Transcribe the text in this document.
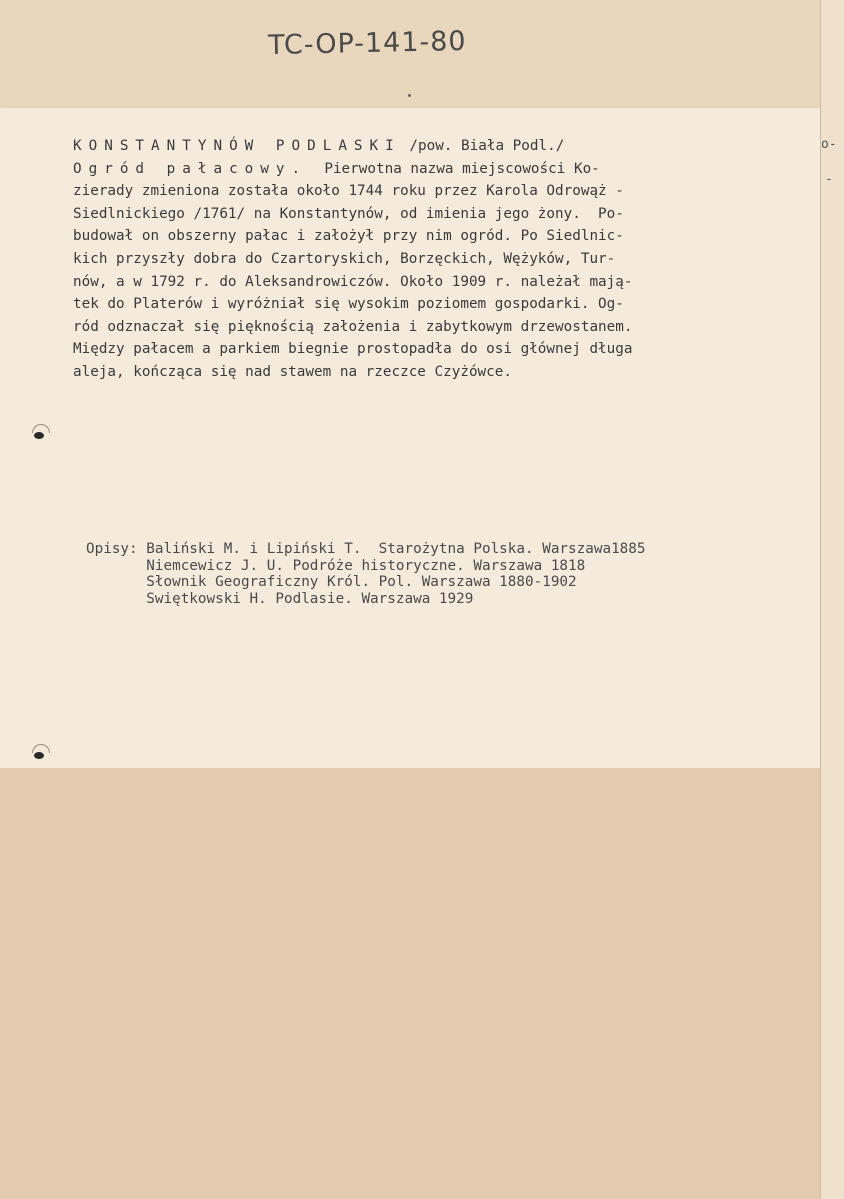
TC-OP-141-80
o-
-
KONSTANTYNÓW PODLASKI /pow. Biała Podl./
Ogród pałacowy. Pierwotna nazwa miejscowości Ko-
zierady zmieniona została około 1744 roku przez Karola Odrowąż -
Siedlnickiego /1761/ na Konstantynów, od imienia jego żony.  Po-
budował on obszerny pałac i założył przy nim ogród. Po Siedlnic-
kich przyszły dobra do Czartoryskich, Borzęckich, Wężyków, Tur-
nów, a w 1792 r. do Aleksandrowiczów. Około 1909 r. należał mają-
tek do Platerów i wyróżniał się wysokim poziomem gospodarki. Og-
ród odznaczał się pięknością założenia i zabytkowym drzewostanem.
Między pałacem a parkiem biegnie prostopadła do osi głównej długa
aleja, kończąca się nad stawem na rzeczce Czyżówce.
Opisy: Baliński M. i Lipiński T.  Starożytna Polska. Warszawa1885
Niemcewicz J. U. Podróże historyczne. Warszawa 1818
Słownik Geograficzny Król. Pol. Warszawa 1880-1902
Swiętkowski H. Podlasie. Warszawa 1929
